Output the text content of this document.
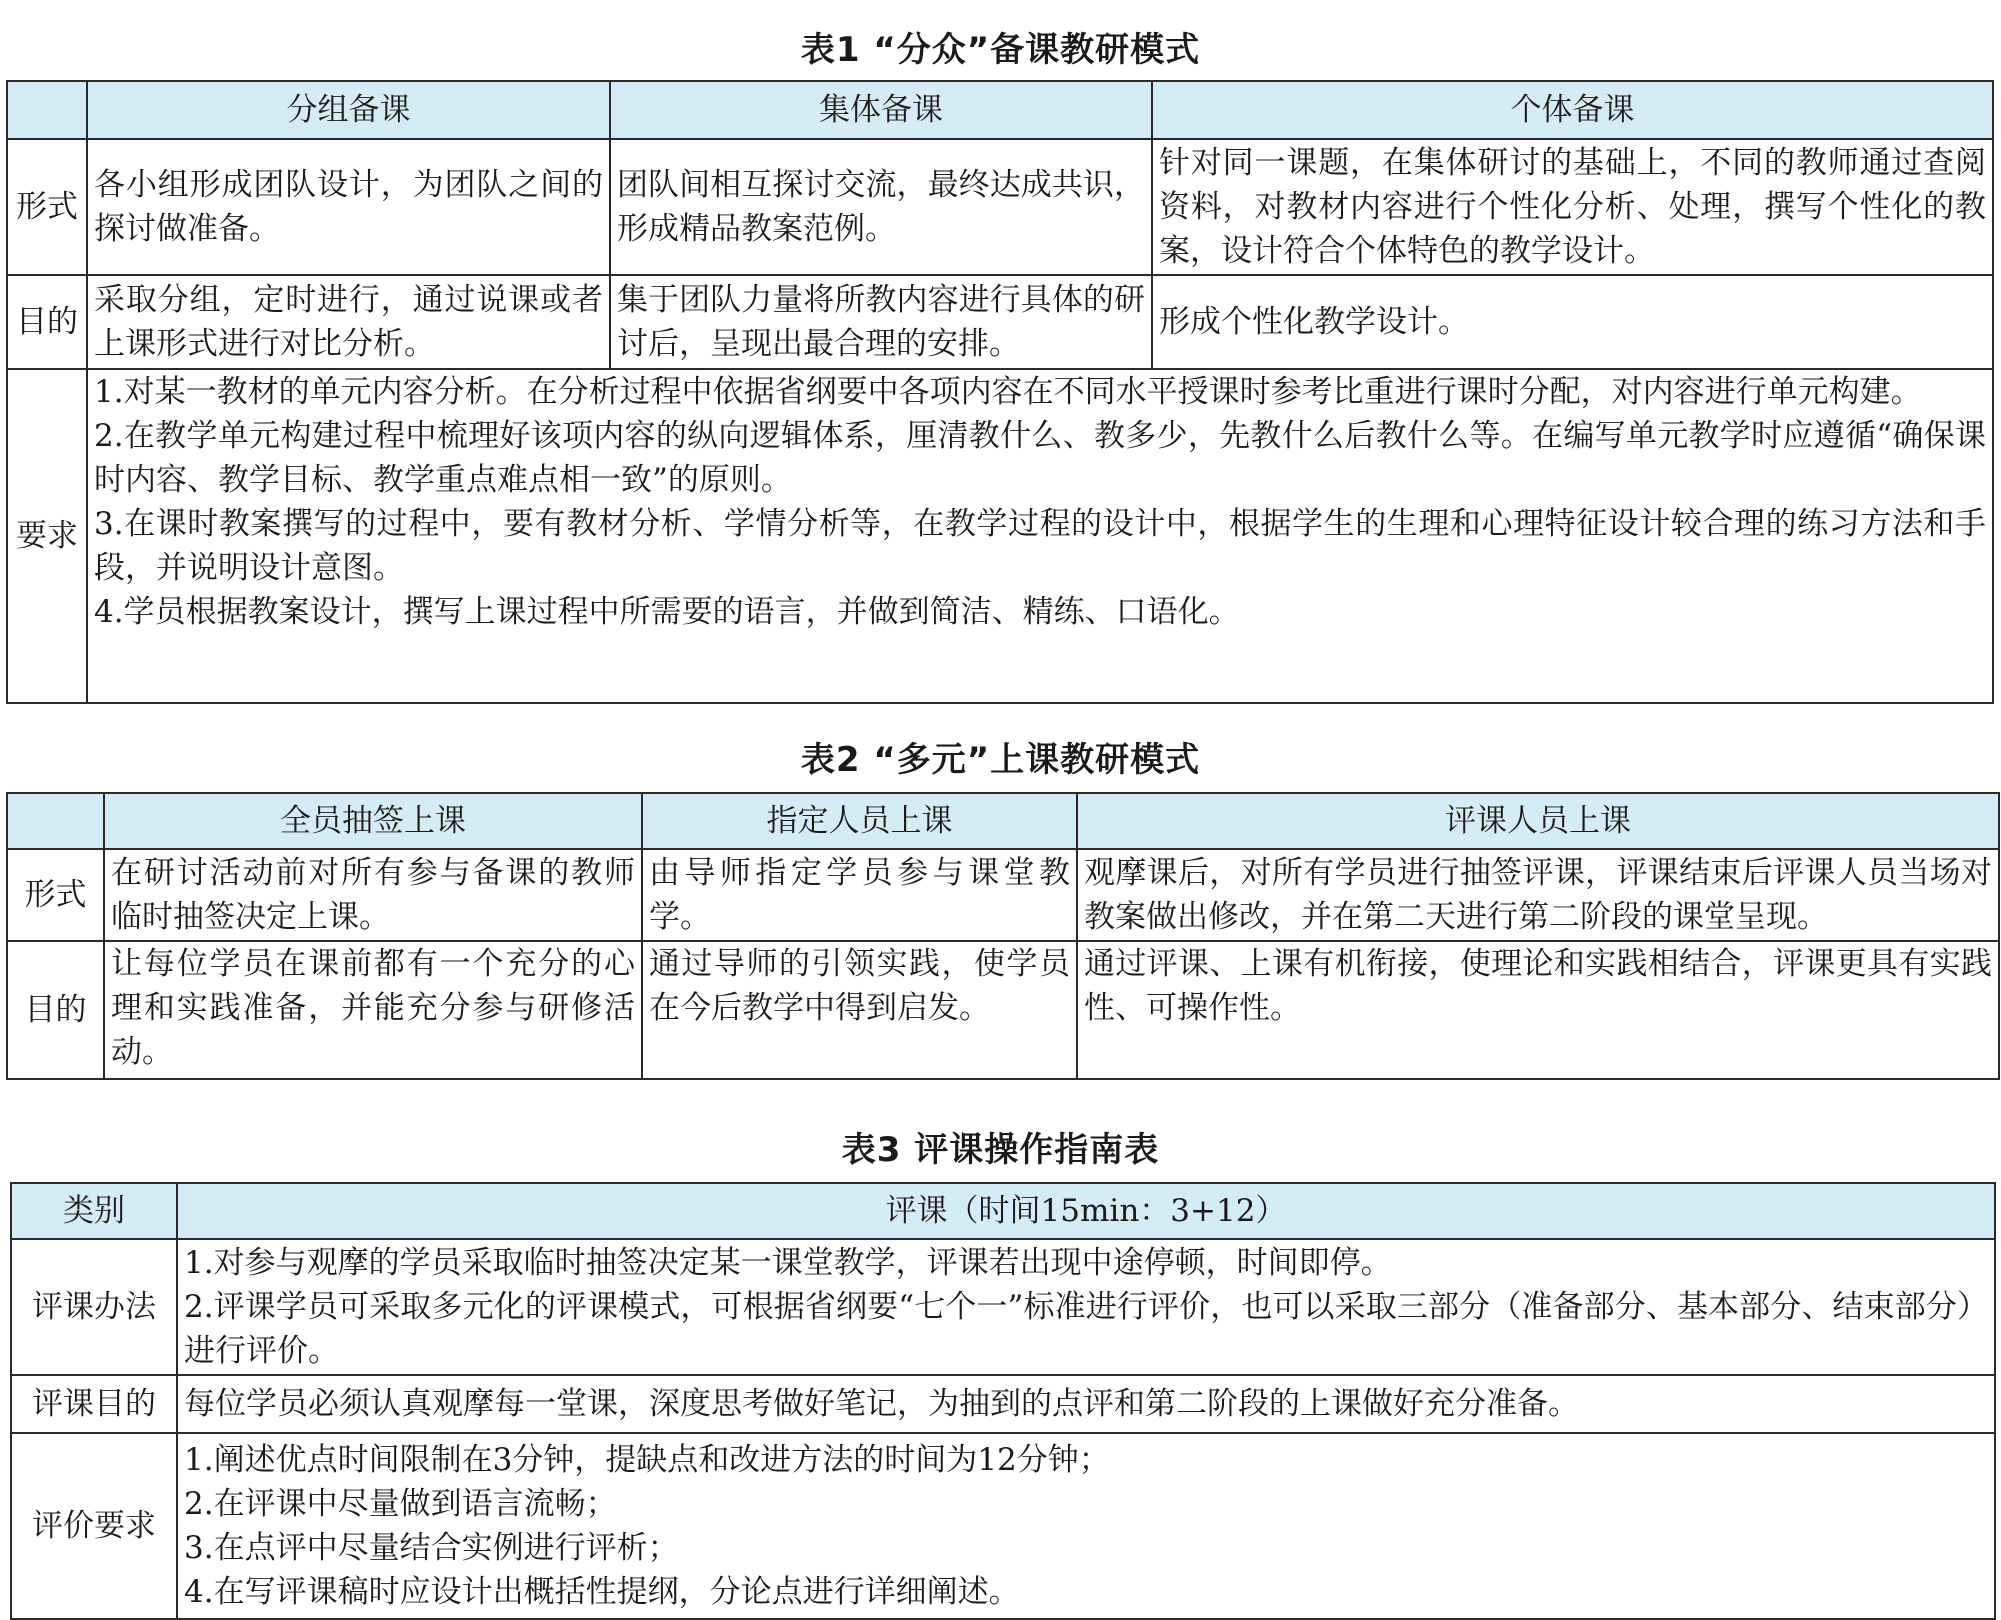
表1 “分众”备课教研模式
	分组备课	集体备课	个体备课
形式	各小组形成团队设计，为团队之间的探讨做准备。	团队间相互探讨交流，最终达成共识，形成精品教案范例。	针对同一课题，在集体研讨的基础上，不同的教师通过查阅资料，对教材内容进行个性化分析、处理，撰写个性化的教案，设计符合个体特色的教学设计。
目的	采取分组，定时进行，通过说课或者上课形式进行对比分析。	集于团队力量将所教内容进行具体的研讨后，呈现出最合理的安排。	形成个性化教学设计。
要求	1.对某一教材的单元内容分析。在分析过程中依据省纲要中各项内容在不同水平授课时参考比重进行课时分配，对内容进行单元构建。
2.在教学单元构建过程中梳理好该项内容的纵向逻辑体系，厘清教什么、教多少，先教什么后教什么等。在编写单元教学时应遵循“确保课时内容、教学目标、教学重点难点相一致”的原则。
3.在课时教案撰写的过程中，要有教材分析、学情分析等，在教学过程的设计中，根据学生的生理和心理特征设计较合理的练习方法和手段，并说明设计意图。
4.学员根据教案设计，撰写上课过程中所需要的语言，并做到简洁、精练、口语化。		
表2 “多元”上课教研模式
	全员抽签上课	指定人员上课	评课人员上课
形式	在研讨活动前对所有参与备课的教师临时抽签决定上课。	由导师指定学员参与课堂教学。	观摩课后，对所有学员进行抽签评课，评课结束后评课人员当场对教案做出修改，并在第二天进行第二阶段的课堂呈现。
目的	让每位学员在课前都有一个充分的心理和实践准备，并能充分参与研修活动。	通过导师的引领实践，使学员在今后教学中得到启发。	通过评课、上课有机衔接，使理论和实践相结合，评课更具有实践性、可操作性。
表3 评课操作指南表
类别	评课（时间15min：3+12）
评课办法	1.对参与观摩的学员采取临时抽签决定某一课堂教学，评课若出现中途停顿，时间即停。
2.评课学员可采取多元化的评课模式，可根据省纲要“七个一”标准进行评价，也可以采取三部分（准备部分、基本部分、结束部分）进行评价。

评课目的	每位学员必须认真观摩每一堂课，深度思考做好笔记，为抽到的点评和第二阶段的上课做好充分准备。
评价要求	1.阐述优点时间限制在3分钟，提缺点和改进方法的时间为12分钟；
2.在评课中尽量做到语言流畅；
3.在点评中尽量结合实例进行评析；
4.在写评课稿时应设计出概括性提纲，分论点进行详细阐述。
